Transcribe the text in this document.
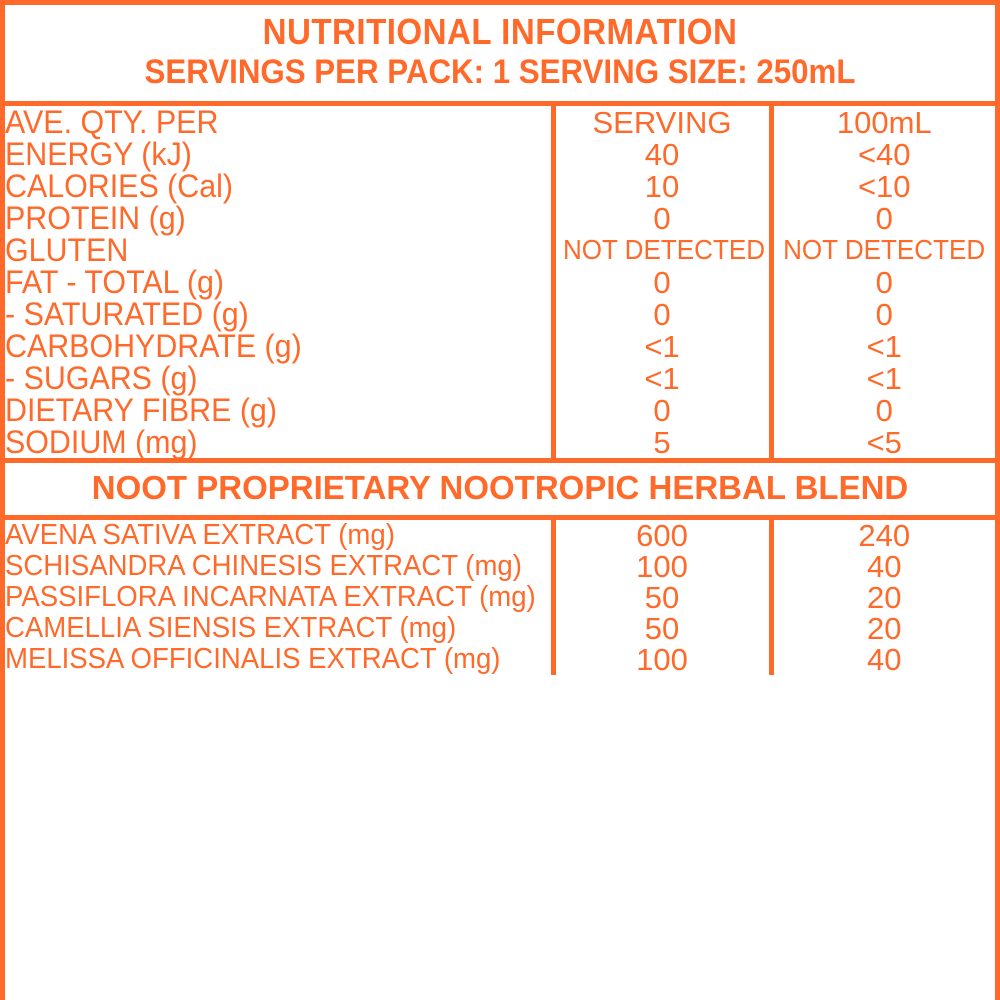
NUTRITIONAL INFORMATION
SERVINGS PER PACK: 1 SERVING SIZE: 250mL
AVE. QTY. PER	SERVING	100mL
ENERGY (kJ)	40	<40
CALORIES (Cal)	10	<10
PROTEIN (g)	0	0
GLUTEN	NOT DETECTED	NOT DETECTED
FAT - TOTAL (g)	0	0
- SATURATED (g)	0	0
CARBOHYDRATE (g)	<1	<1
- SUGARS (g)	<1	<1
DIETARY FIBRE (g)	0	0
SODIUM (mg)	5	<5
NOOT PROPRIETARY NOOTROPIC HERBAL BLEND
AVENA SATIVA EXTRACT (mg)	600	240
SCHISANDRA CHINESIS EXTRACT (mg)	100	40
PASSIFLORA INCARNATA EXTRACT (mg)	50	20
CAMELLIA SIENSIS EXTRACT (mg)	50	20
MELISSA OFFICINALIS EXTRACT (mg)	100	40
